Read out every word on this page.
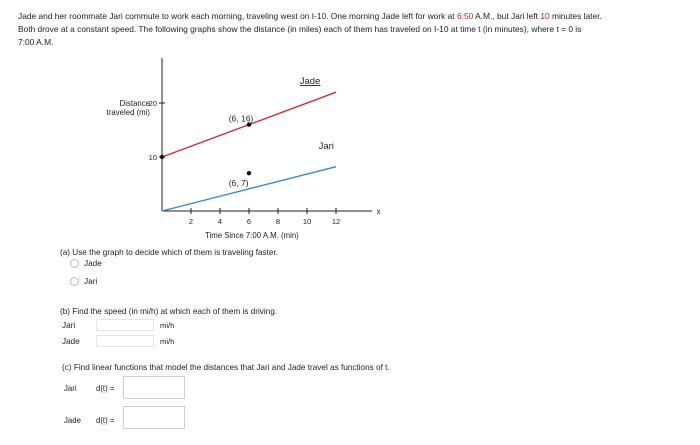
Jade and her roommate Jari commute to work each morning, traveling west on I-10. One morning Jade left for work at 6:50 A.M., but Jari left 10 minutes later.
Both drove at a constant speed. The following graphs show the distance (in miles) each of them has traveled on I-10 at time t (in minutes), where t = 0 is
7:00 A.M.
x
10
20
2	4	6	8	10	12
Distance
traveled (mi)
Time Since 7:00 A.M. (min)
Jade
Jari
(6, 16)
(6, 7)
(a) Use the graph to decide which of them is traveling faster.
Jade
Jari
(b) Find the speed (in mi/h) at which each of them is driving.
Jari	mi/h
Jade	mi/h
(c) Find linear functions that model the distances that Jari and Jade travel as functions of t.
Jari d(t) =
Jade d(t) =
